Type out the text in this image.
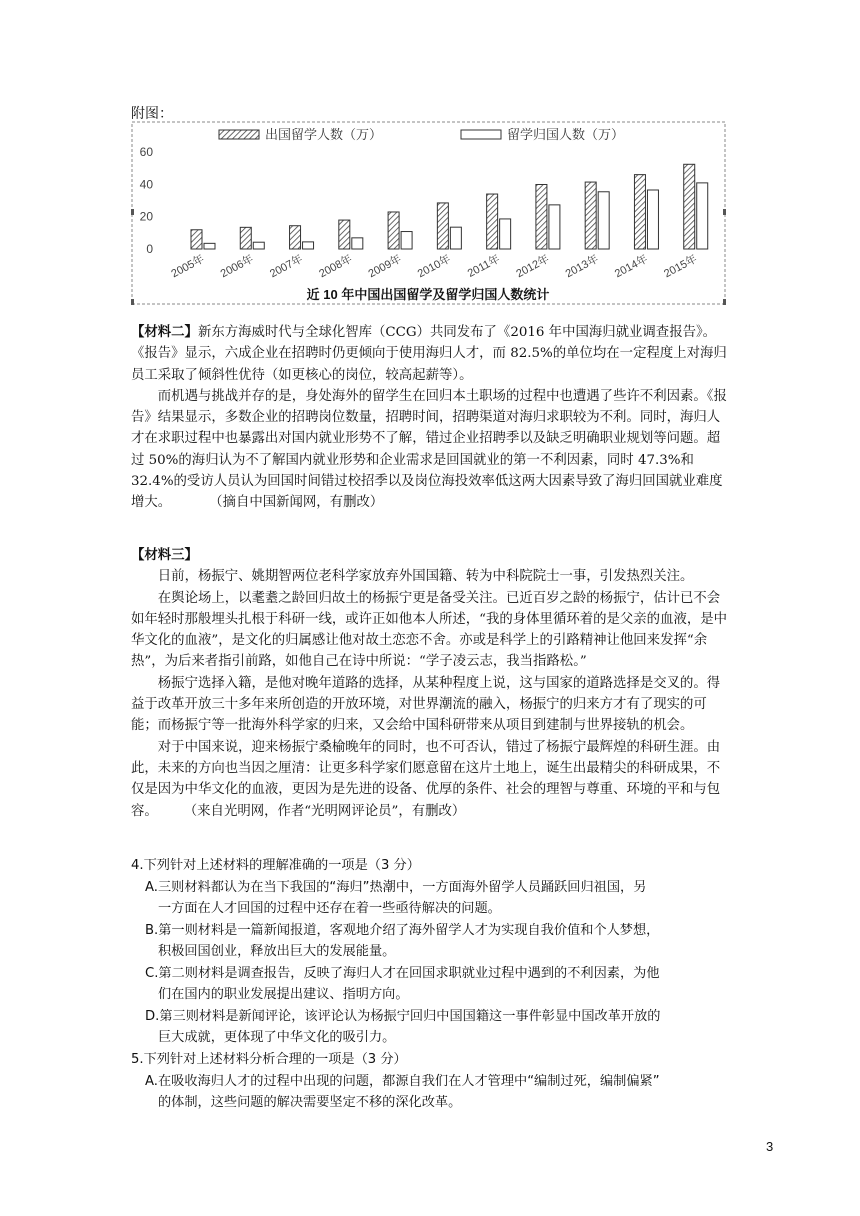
附图：
出国留学人数（万）	留学归国人数（万）
60
40
20
0
2005年 2006年 2007年 2008年 2009年 2010年 2011年 2012年 2013年 2014年 2015年
近 10 年中国出国留学及留学归国人数统计

【材料二】新东方海威时代与全球化智库（CCG）共同发布了《2016 年中国海归就业调查报告》。《报告》显示，六成企业在招聘时仍更倾向于使用海归人才，而 82.5%的单位均在一定程度上对海归员工采取了倾斜性优待（如更核心的岗位，较高起薪等）。

而机遇与挑战并存的是，身处海外的留学生在回归本土职场的过程中也遭遇了些许不利因素。《报告》结果显示，多数企业的招聘岗位数量，招聘时间，招聘渠道对海归求职较为不利。同时，海归人才在求职过程中也暴露出对国内就业形势不了解，错过企业招聘季以及缺乏明确职业规划等问题。超过 50%的海归认为不了解国内就业形势和企业需求是回国就业的第一不利因素，同时 47.3%和 32.4%的受访人员认为回国时间错过校招季以及岗位海投效率低这两大因素导致了海归回国就业难度增大。	（摘自中国新闻网，有删改）

【材料三】

日前，杨振宁、姚期智两位老科学家放弃外国国籍、转为中科院院士一事，引发热烈关注。

在舆论场上，以耄耋之龄回归故土的杨振宁更是备受关注。已近百岁之龄的杨振宁，估计已不会如年轻时那般埋头扎根于科研一线，或许正如他本人所述，“我的身体里循环着的是父亲的血液，是中华文化的血液”，是文化的归属感让他对故土恋恋不舍。亦或是科学上的引路精神让他回来发挥“余热”，为后来者指引前路，如他自己在诗中所说：“学子凌云志，我当指路松。”

杨振宁选择入籍，是他对晚年道路的选择，从某种程度上说，这与国家的道路选择是交叉的。得益于改革开放三十多年来所创造的开放环境，对世界潮流的融入，杨振宁的归来方才有了现实的可能；而杨振宁等一批海外科学家的归来，又会给中国科研带来从项目到建制与世界接轨的机会。

对于中国来说，迎来杨振宁桑榆晚年的同时，也不可否认，错过了杨振宁最辉煌的科研生涯。由此，未来的方向也当因之厘清：让更多科学家们愿意留在这片土地上，诞生出最精尖的科研成果，不仅是因为中华文化的血液，更因为是先进的设备、优厚的条件、社会的理智与尊重、环境的平和与包容。 （来自光明网，作者“光明网评论员”，有删改）

4.下列针对上述材料的理解准确的一项是（3 分）

A.三则材料都认为在当下我国的“海归”热潮中，一方面海外留学人员踊跃回归祖国，另
一方面在人才回国的过程中还存在着一些亟待解决的问题。

B.第一则材料是一篇新闻报道，客观地介绍了海外留学人才为实现自我价值和个人梦想，
积极回国创业，释放出巨大的发展能量。

C.第二则材料是调查报告，反映了海归人才在回国求职就业过程中遇到的不利因素，为他
们在国内的职业发展提出建议、指明方向。

D.第三则材料是新闻评论，该评论认为杨振宁回归中国国籍这一事件彰显中国改革开放的
巨大成就，更体现了中华文化的吸引力。

5.下列针对上述材料分析合理的一项是（3 分）

A.在吸收海归人才的过程中出现的问题，都源自我们在人才管理中“编制过死，编制偏紧”
的体制，这些问题的解决需要坚定不移的深化改革。

3
